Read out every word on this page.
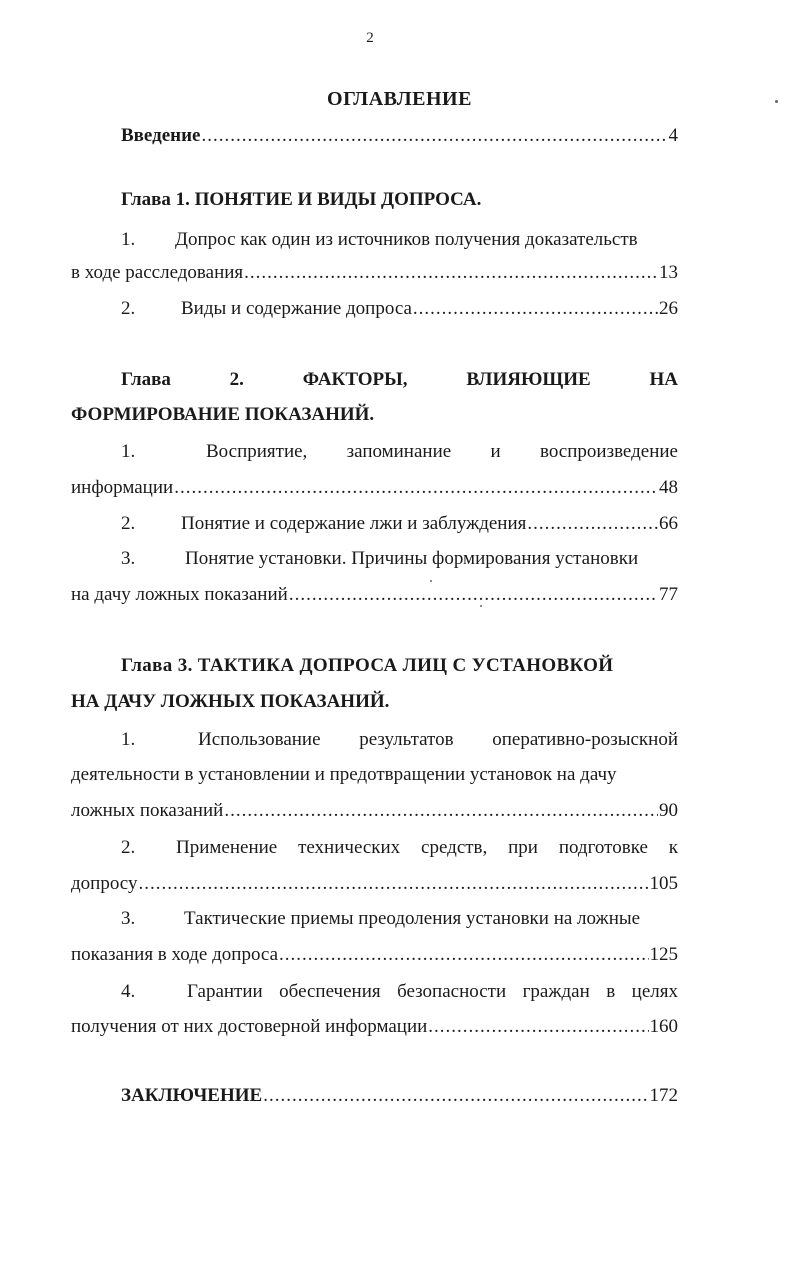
2
ОГЛАВЛЕНИЕ
Введение .....	4
Глава 1. ПОНЯТИЕ И ВИДЫ ДОПРОСА.
1. Допрос как один из источников получения доказательств
в ходе расследования .....	13
2. Виды и содержание допроса .....	26
Глава	2.	ФАКТОРЫ,	ВЛИЯЮЩИЕ	НА
ФОРМИРОВАНИЕ ПОКАЗАНИЙ.
1.	Восприятие, запоминание и воспроизведение
информации .....	48
2. Понятие и содержание лжи и заблуждения .....	66
3.	Понятие установки. Причины формирования установки
на дачу ложных показаний .....	77
Глава 3. ТАКТИКА ДОПРОСА ЛИЦ С УСТАНОВКОЙ
НА ДАЧУ ЛОЖНЫХ ПОКАЗАНИЙ.
1.	Использование результатов оперативно-розыскной
деятельности в установлении и предотвращении установок на дачу
ложных показаний .....	90
2. Применение технических средств, при подготовке к
допросу .....	105
3.	Тактические приемы преодоления установки на ложные
показания в ходе допроса .....	125
4.	Гарантии обеспечения безопасности граждан в целях
получения от них достоверной информации .....	160
ЗАКЛЮЧЕНИЕ .....	172
